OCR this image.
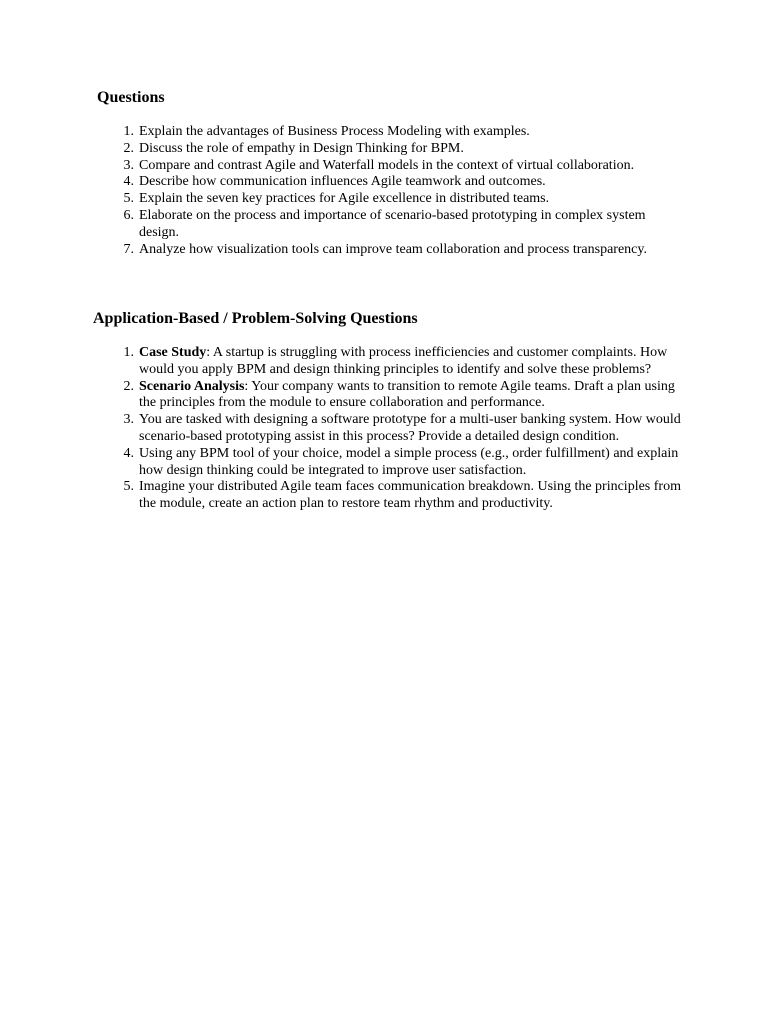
Questions
1 . Explain the advantages of Business Process Modeling with examples.
2 . Discuss the role of empathy in Design Thinking for BPM.
3 . Compare and contrast Agile and Waterfall models in the context of virtual collaboration.
4 . Describe how communication influences Agile teamwork and outcomes.
5 . Explain the seven key practices for Agile excellence in distributed teams.
6 . Elaborate on the process and importance of scenario-based prototyping in complex system design.
7 . Analyze how visualization tools can improve team collaboration and process transparency.
Application-Based / Problem-Solving Questions
1 . Case Study: A startup is struggling with process inefficiencies and customer complaints. How would you apply BPM and design thinking principles to identify and solve these problems?
2 . Scenario Analysis: Your company wants to transition to remote Agile teams. Draft a plan using the principles from the module to ensure collaboration and performance.
3 . You are tasked with designing a software prototype for a multi-user banking system. How would scenario-based prototyping assist in this process? Provide a detailed design condition.
4 . Using any BPM tool of your choice, model a simple process (e.g., order fulfillment) and explain how design thinking could be integrated to improve user satisfaction.
5 . Imagine your distributed Agile team faces communication breakdown. Using the principles from the module, create an action plan to restore team rhythm and productivity.
